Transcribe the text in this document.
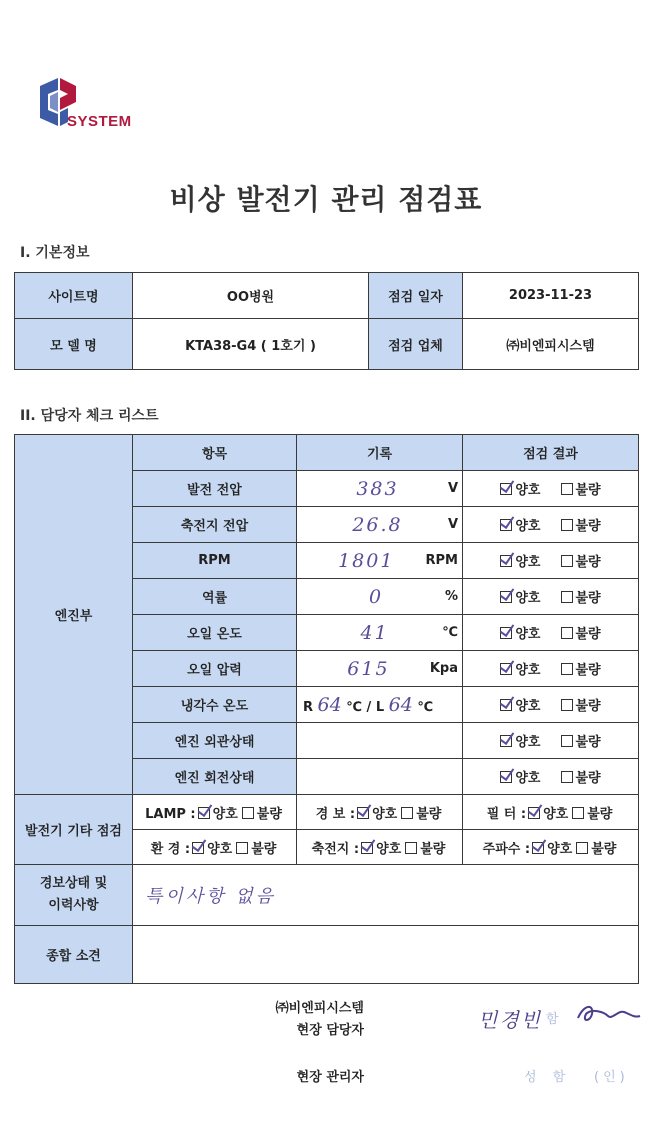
SYSTEM
비상 발전기 관리 점검표
I. 기본정보
사이트명	OO병원	점검 일자	2023-11-23
모 델 명	KTA38-G4 ( 1호기 )	점검 업체	㈜비엔피시스템
II. 담당자 체크 리스트
엔진부	항목	기록	점검 결과
	발전 전압	383 V	양호 불량
	축전지 전압	26.8 V	양호 불량
	RPM	1801 RPM	양호 불량
	역률	0 %	양호 불량
	오일 온도	41 ℃	양호 불량
	오일 압력	615 Kpa	양호 불량
	냉각수 온도	R 64 ℃ / L 64 ℃	양호 불량
	엔진 외관상태		양호 불량
	엔진 회전상태		양호 불량
발전기 기타 점검	LAMP : 양호 불량	경 보 : 양호 불량	필 터 : 양호 불량
	환 경 : 양호 불량	축전지 : 양호 불량	주파수 : 양호 불량
경보상태 및
이력사항	특이사항 없음		
종합 소견			
㈜비엔피시스템
현장 담당자	민경빈 함
현장 관리자	성 함 (인)
